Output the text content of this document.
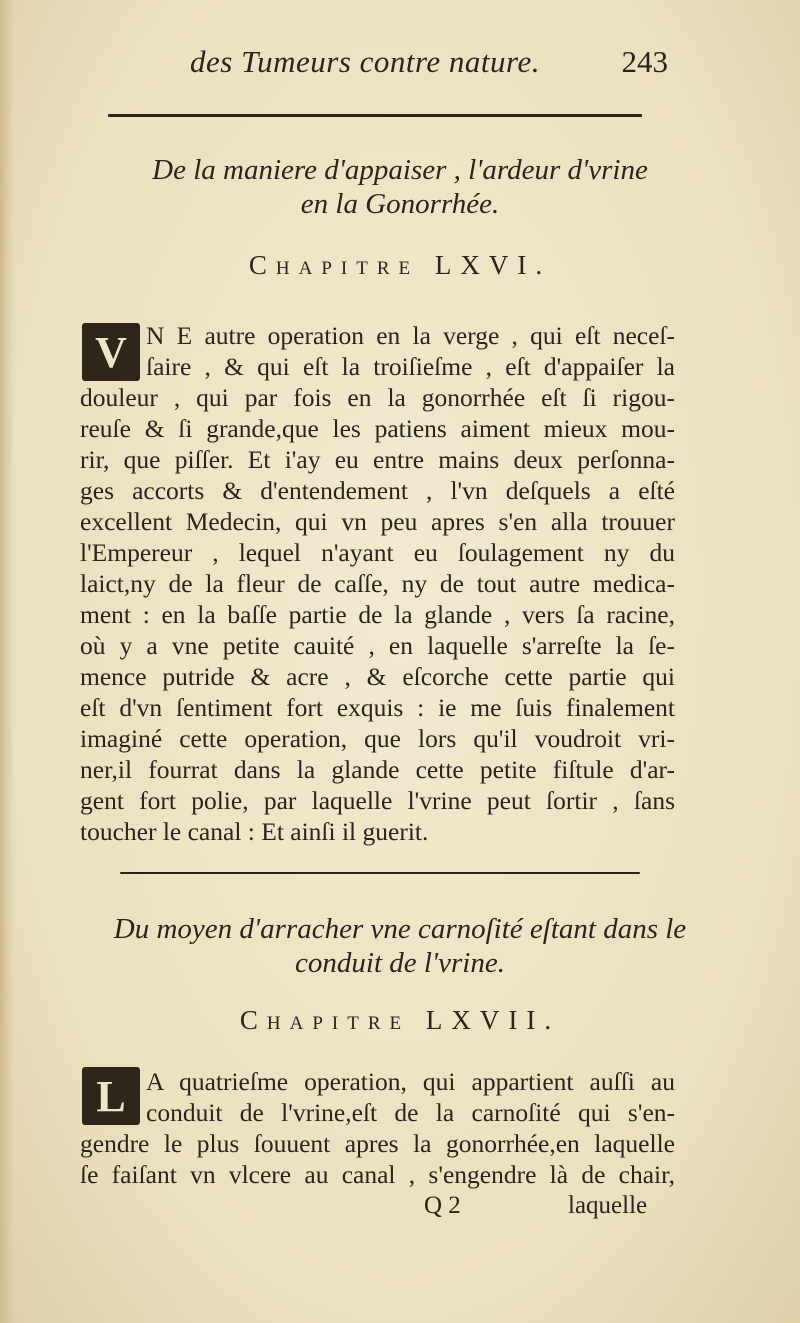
des Tumeurs contre nature.	243
De la maniere d'appaiser , l'ardeur d'vrine
en la Gonorrhée.
Chapitre LXVI.
V N E autre operation en la verge , qui eſt neceſ-
ſaire , & qui eſt la troiſieſme , eſt d'appaiſer la
douleur , qui par fois en la gonorrhée eſt ſi rigou-
reuſe & ſi grande,que les patiens aiment mieux mou-
rir, que piſſer. Et i'ay eu entre mains deux perſonna-
ges accorts & d'entendement , l'vn deſquels a eſté
excellent Medecin, qui vn peu apres s'en alla trouuer
l'Empereur , lequel n'ayant eu ſoulagement ny du
laict,ny de la fleur de caſſe, ny de tout autre medica-
ment : en la baſſe partie de la glande , vers ſa racine,
où y a vne petite cauité , en laquelle s'arreſte la ſe-
mence putride & acre , & eſcorche cette partie qui
eſt d'vn ſentiment fort exquis : ie me ſuis finalement
imaginé cette operation, que lors qu'il voudroit vri-
ner,il fourrat dans la glande cette petite fiſtule d'ar-
gent fort polie, par laquelle l'vrine peut ſortir , ſans
toucher le canal : Et ainſi il guerit.
Du moyen d'arracher vne carnoſité eſtant dans le
conduit de l'vrine.
Chapitre LXVII.
L A quatrieſme operation, qui appartient auſſi au
conduit de l'vrine,eſt de la carnoſité qui s'en-
gendre le plus ſouuent apres la gonorrhée,en laquelle
ſe faiſant vn vlcere au canal , s'engendre là de chair,
Q 2	laquelle
